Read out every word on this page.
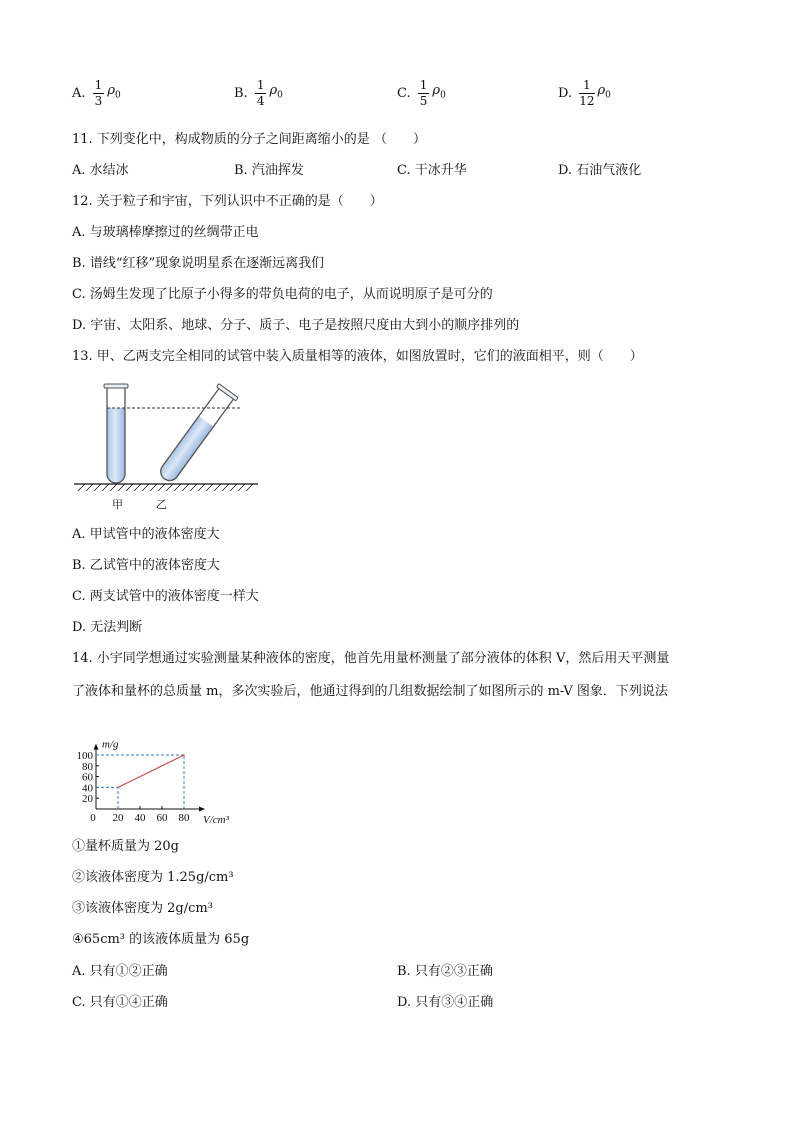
A. $\frac{1}{3} \rho_0$	B. $\frac{1}{4} \rho_0$	C. $\frac{1}{5} \rho_0$	D. $\frac{1}{12} \rho_0$
11. 下列变化中，构成物质的分子之间距离缩小的是 （　　）
A. 水结冰	B. 汽油挥发	C. 干冰升华	D. 石油气液化
12. 关于粒子和宇宙，下列认识中不正确的是（　　）
A. 与玻璃棒摩擦过的丝绸带正电
B. 谱线“红移”现象说明星系在逐渐远离我们
C. 汤姆生发现了比原子小得多的带负电荷的电子，从而说明原子是可分的
D. 宇宙、太阳系、地球、分子、质子、电子是按照尺度由大到小的顺序排列的
13. 甲、乙两支完全相同的试管中装入质量相等的液体，如图放置时，它们的液面相平，则（　　）
甲	乙
A. 甲试管中的液体密度大
B. 乙试管中的液体密度大
C. 两支试管中的液体密度一样大
D. 无法判断
14. 小宇同学想通过实验测量某种液体的密度，他首先用量杯测量了部分液体的体积 V，然后用天平测量
了液体和量杯的总质量 m，多次实验后，他通过得到的几组数据绘制了如图所示的 m-V 图象．下列说法
0 20 40 60 80
20
40
60
80
100
m/g
V/cm³
①量杯质量为 20g
②该液体密度为 1.25g/cm³
③该液体密度为 2g/cm³
④65cm³ 的该液体质量为 65g
A. 只有①②正确	B. 只有②③正确
C. 只有①④正确	D. 只有③④正确
